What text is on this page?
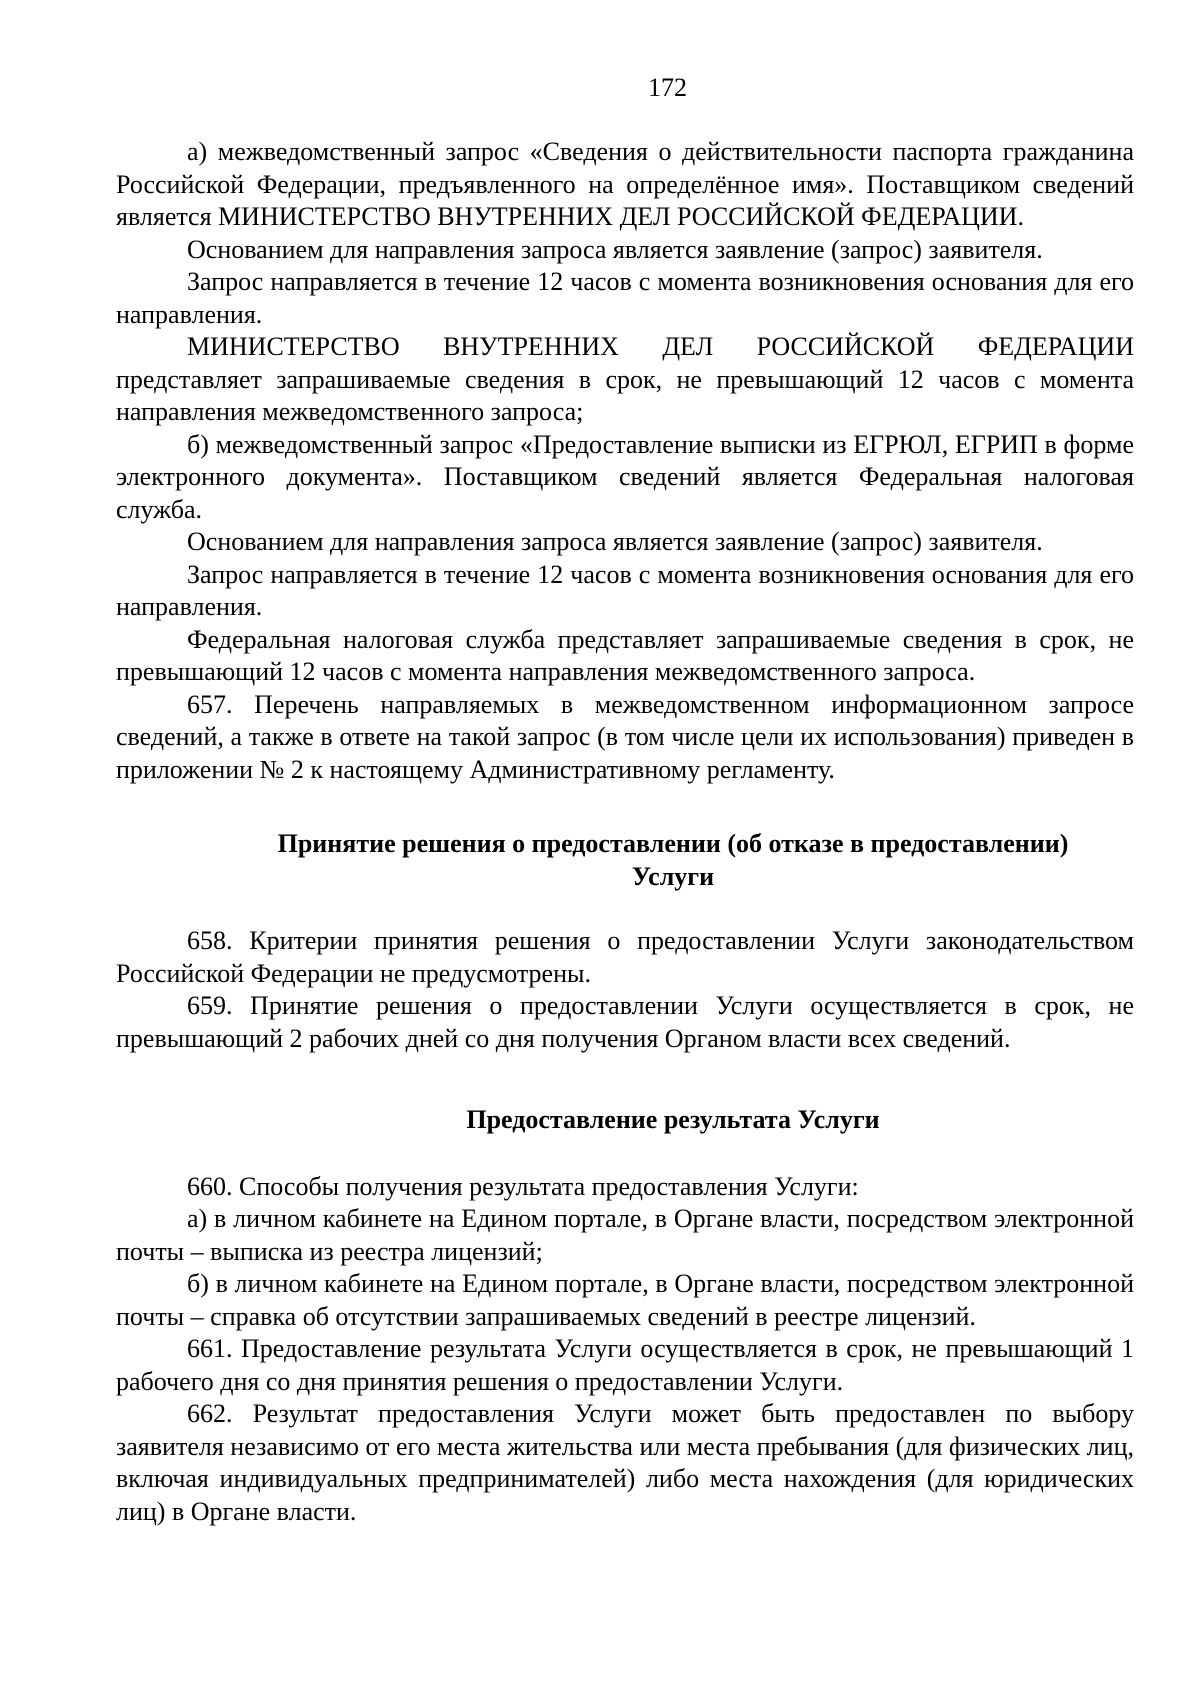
172

а) межведомственный запрос «Сведения о действительности паспорта гражданина Российской Федерации, предъявленного на определённое имя». Поставщиком сведений является МИНИСТЕРСТВО ВНУТРЕННИХ ДЕЛ РОССИЙСКОЙ ФЕДЕРАЦИИ.

Основанием для направления запроса является заявление (запрос) заявителя.

Запрос направляется в течение 12 часов с момента возникновения основания для его направления.

МИНИСТЕРСТВО ВНУТРЕННИХ ДЕЛ РОССИЙСКОЙ ФЕДЕРАЦИИ представляет запрашиваемые сведения в срок, не превышающий 12 часов с момента направления межведомственного запроса;

б) межведомственный запрос «Предоставление выписки из ЕГРЮЛ, ЕГРИП в форме электронного документа». Поставщиком сведений является Федеральная налоговая служба.

Основанием для направления запроса является заявление (запрос) заявителя.

Запрос направляется в течение 12 часов с момента возникновения основания для его направления.

Федеральная налоговая служба представляет запрашиваемые сведения в срок, не превышающий 12 часов с момента направления межведомственного запроса.

657. Перечень направляемых в межведомственном информационном запросе сведений, а также в ответе на такой запрос (в том числе цели их использования) приведен в приложении № 2 к настоящему Административному регламенту.

Принятие решения о предоставлении (об отказе в предоставлении)
Услуги

658. Критерии принятия решения о предоставлении Услуги законодательством Российской Федерации не предусмотрены.

659. Принятие решения о предоставлении Услуги осуществляется в срок, не превышающий 2 рабочих дней со дня получения Органом власти всех сведений.

Предоставление результата Услуги

660. Способы получения результата предоставления Услуги:

а) в личном кабинете на Едином портале, в Органе власти, посредством электронной почты – выписка из реестра лицензий;

б) в личном кабинете на Едином портале, в Органе власти, посредством электронной почты – справка об отсутствии запрашиваемых сведений в реестре лицензий.

661. Предоставление результата Услуги осуществляется в срок, не превышающий 1 рабочего дня со дня принятия решения о предоставлении Услуги.

662. Результат предоставления Услуги может быть предоставлен по выбору заявителя независимо от его места жительства или места пребывания (для физических лиц, включая индивидуальных предпринимателей) либо места нахождения (для юридических лиц) в Органе власти.
